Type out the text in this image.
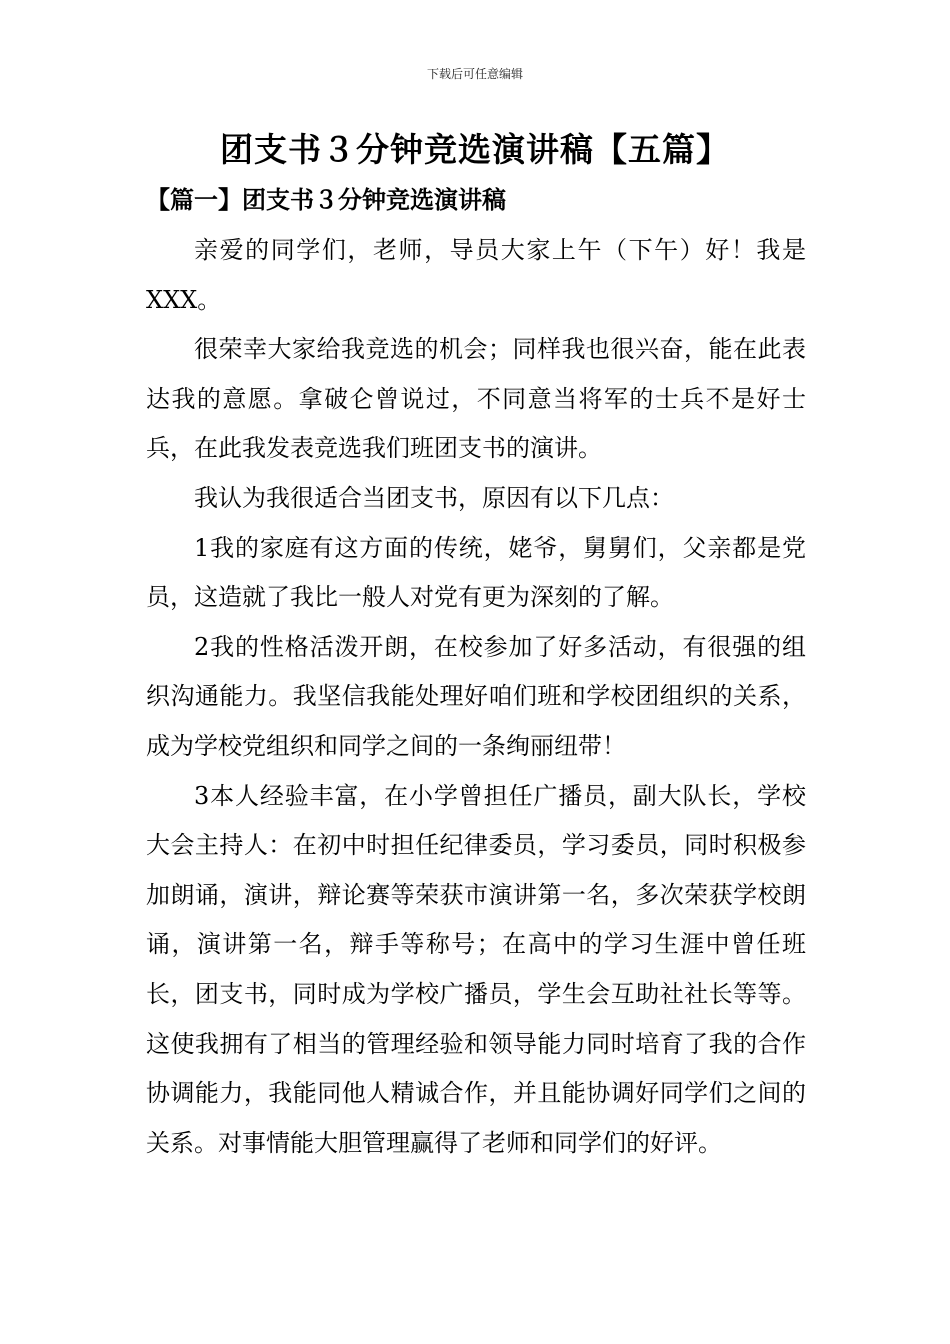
下载后可任意编辑
团支书３分钟竞选演讲稿【五篇】
【篇一】团支书３分钟竞选演讲稿

亲爱的同学们，老师，导员大家上午（下午）好！我是XXX。

很荣幸大家给我竞选的机会；同样我也很兴奋，能在此表达我的意愿。拿破仑曾说过，不同意当将军的士兵不是好士兵，在此我发表竞选我们班团支书的演讲。

我认为我很适合当团支书，原因有以下几点：

1我的家庭有这方面的传统，姥爷，舅舅们，父亲都是党员，这造就了我比一般人对党有更为深刻的了解。

2我的性格活泼开朗，在校参加了好多活动，有很强的组织沟通能力。我坚信我能处理好咱们班和学校团组织的关系，成为学校党组织和同学之间的一条绚丽纽带！

3本人经验丰富，在小学曾担任广播员，副大队长，学校大会主持人：在初中时担任纪律委员，学习委员，同时积极参加朗诵，演讲，辩论赛等荣获市演讲第一名，多次荣获学校朗诵，演讲第一名，辩手等称号；在高中的学习生涯中曾任班长，团支书，同时成为学校广播员，学生会互助社社长等等。这使我拥有了相当的管理经验和领导能力同时培育了我的合作协调能力，我能同他人精诚合作，并且能协调好同学们之间的关系。对事情能大胆管理赢得了老师和同学们的好评。
